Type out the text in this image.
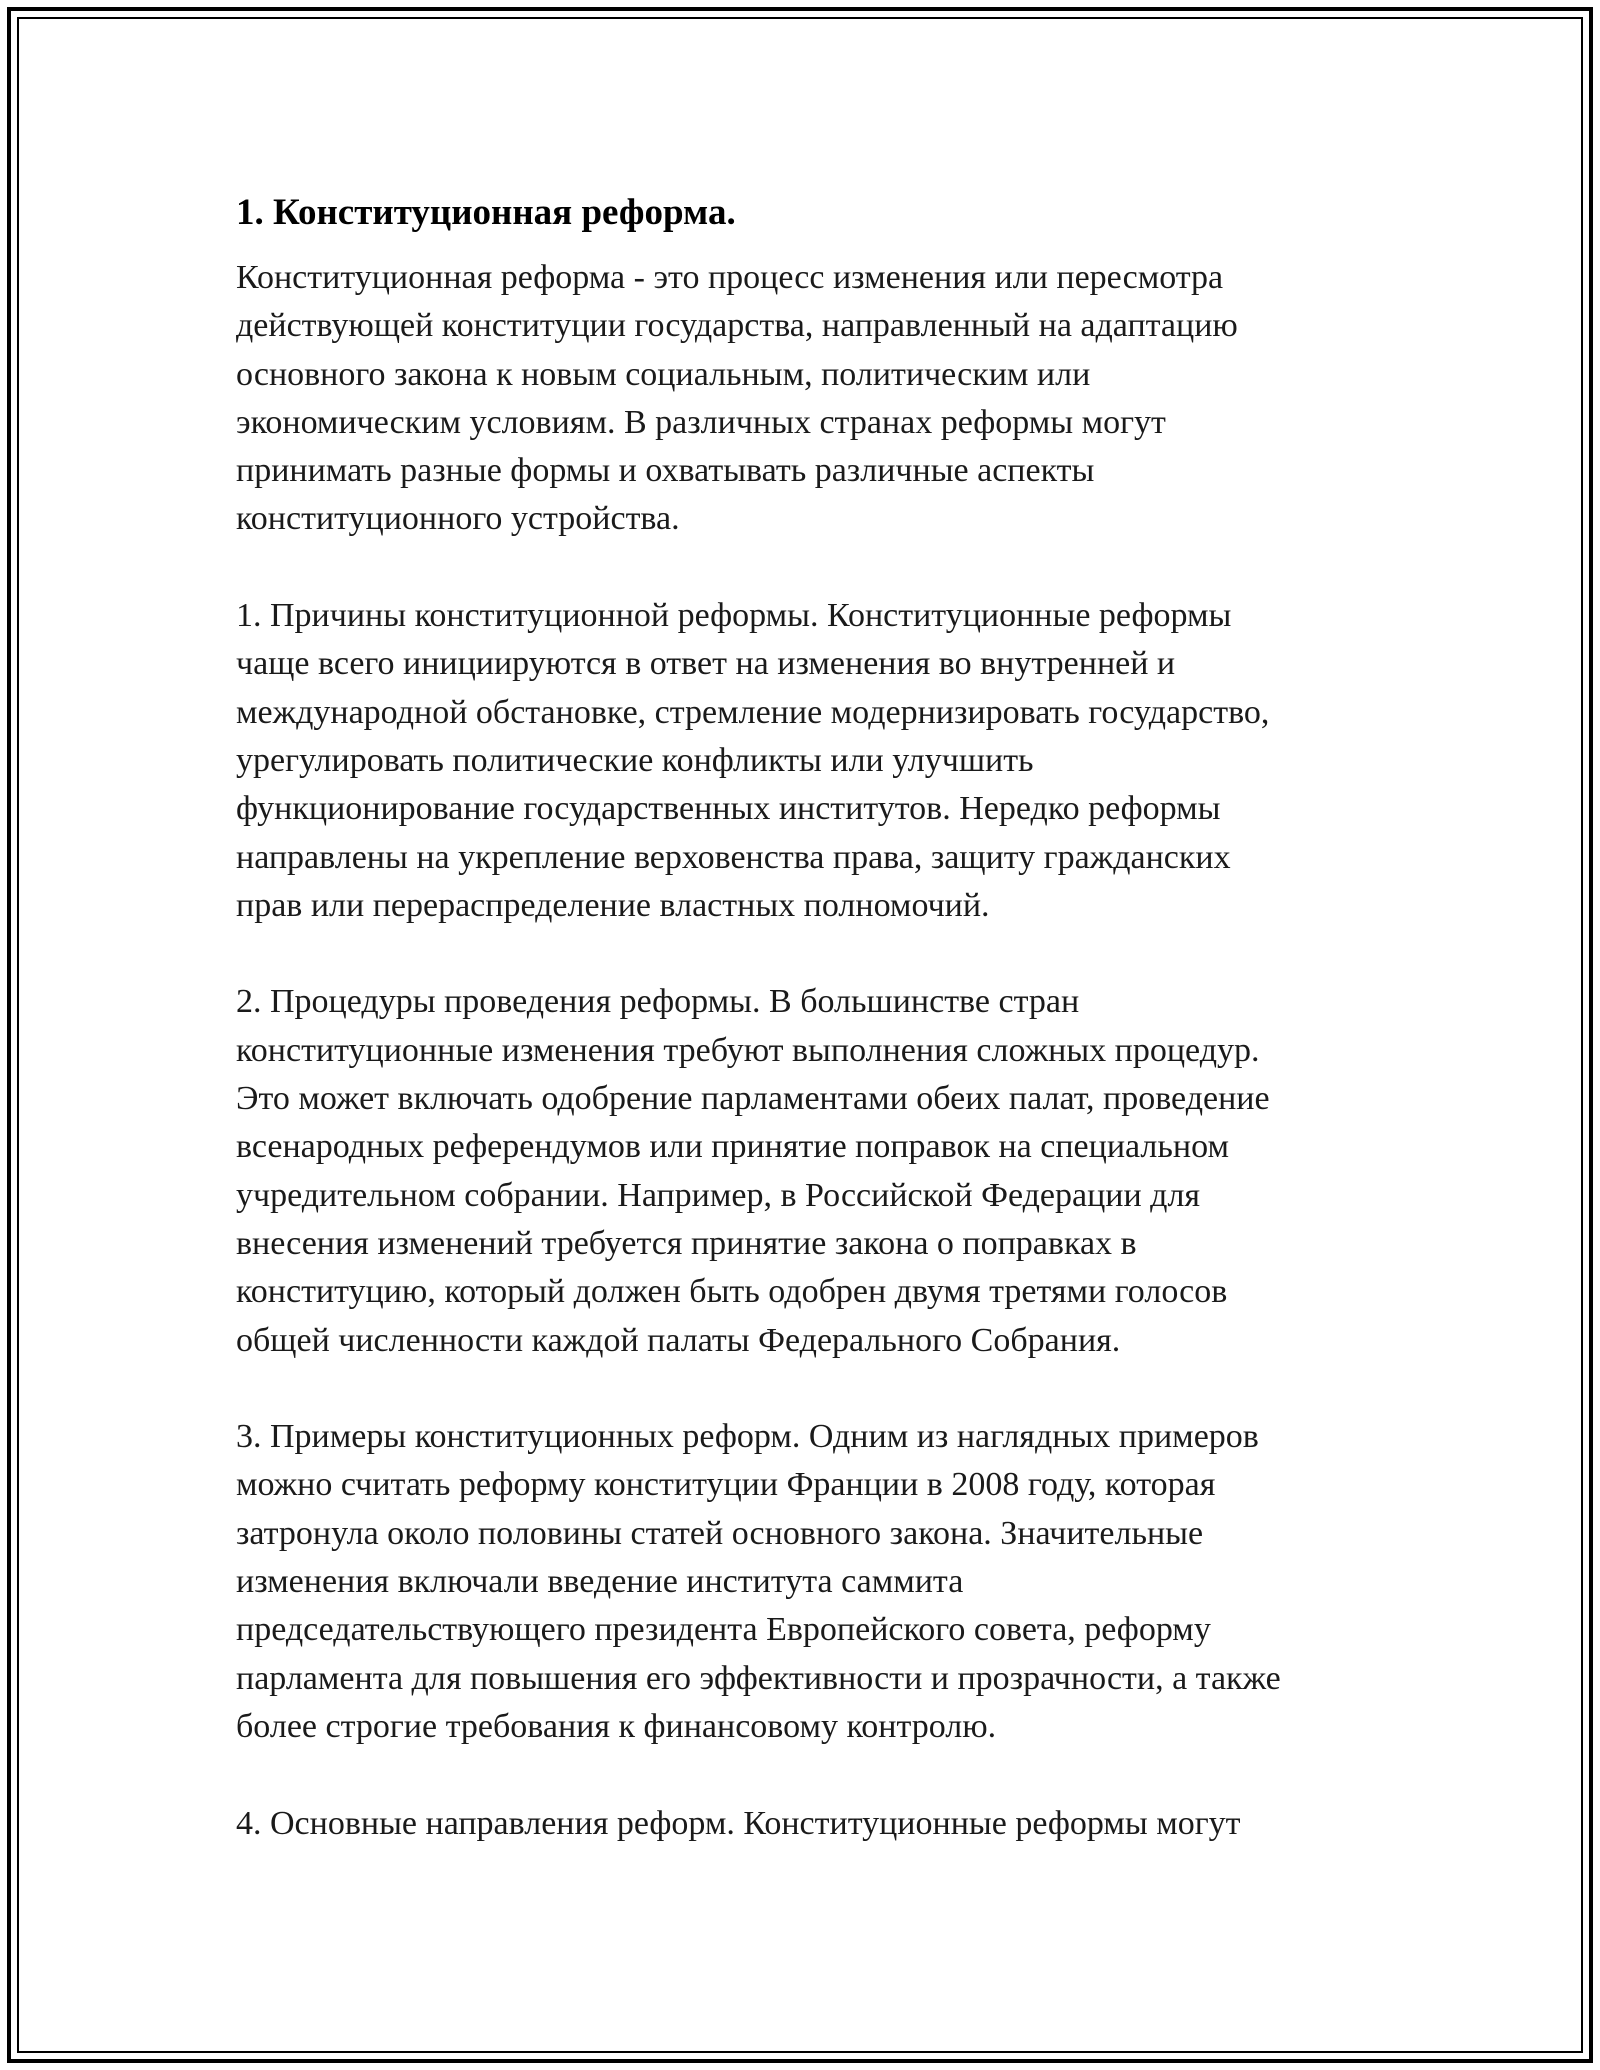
1. Конституционная реформа.

Конституционная реформа - это процесс изменения или пересмотра
действующей конституции государства, направленный на адаптацию
основного закона к новым социальным, политическим или
экономическим условиям. В различных странах реформы могут
принимать разные формы и охватывать различные аспекты
конституционного устройства.

1. Причины конституционной реформы. Конституционные реформы
чаще всего инициируются в ответ на изменения во внутренней и
международной обстановке, стремление модернизировать государство,
урегулировать политические конфликты или улучшить
функционирование государственных институтов. Нередко реформы
направлены на укрепление верховенства права, защиту гражданских
прав или перераспределение властных полномочий.

2. Процедуры проведения реформы. В большинстве стран
конституционные изменения требуют выполнения сложных процедур.
Это может включать одобрение парламентами обеих палат, проведение
всенародных референдумов или принятие поправок на специальном
учредительном собрании. Например, в Российской Федерации для
внесения изменений требуется принятие закона о поправках в
конституцию, который должен быть одобрен двумя третями голосов
общей численности каждой палаты Федерального Собрания.

3. Примеры конституционных реформ. Одним из наглядных примеров
можно считать реформу конституции Франции в 2008 году, которая
затронула около половины статей основного закона. Значительные
изменения включали введение института саммита
председательствующего президента Европейского совета, реформу
парламента для повышения его эффективности и прозрачности, а также
более строгие требования к финансовому контролю.

4. Основные направления реформ. Конституционные реформы могут
